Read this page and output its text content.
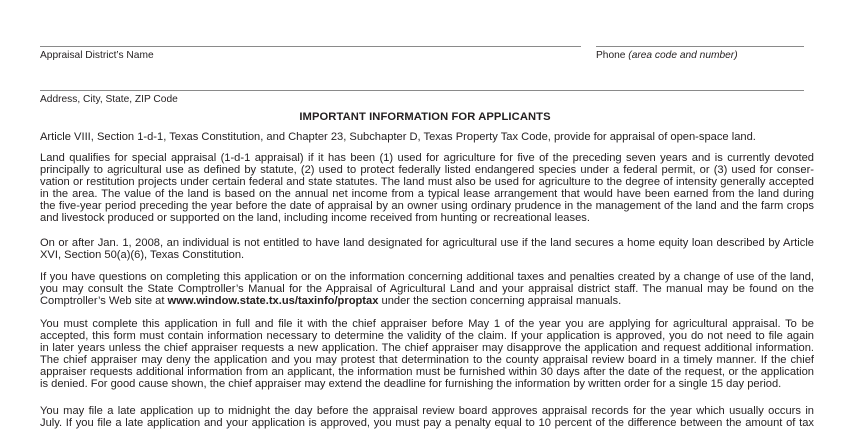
Appraisal District’s Name	Phone (area code and number)
Address, City, State, ZIP Code
IMPORTANT INFORMATION FOR APPLICANTS
Article VIII, Section 1-d-1, Texas Constitution, and Chapter 23, Subchapter D, Texas Property Tax Code, provide for appraisal of open-space land.
Land qualifies for special appraisal (1-d-1 appraisal) if it has been (1) used for agriculture for five of the preceding seven years and is currently devoted
principally to agricultural use as defined by statute, (2) used to protect federally listed endangered species under a federal permit, or (3) used for conser-
vation or restitution projects under certain federal and state statutes. The land must also be used for agriculture to the degree of intensity generally accepted
in the area. The value of the land is based on the annual net income from a typical lease arrangement that would have been earned from the land during
the five-year period preceding the year before the date of appraisal by an owner using ordinary prudence in the management of the land and the farm crops
and livestock produced or supported on the land, including income received from hunting or recreational leases.
On or after Jan. 1, 2008, an individual is not entitled to have land designated for agricultural use if the land secures a home equity loan described by Article
XVI, Section 50(a)(6), Texas Constitution.
If you have questions on completing this application or on the information concerning additional taxes and penalties created by a change of use of the land,
you may consult the State Comptroller’s Manual for the Appraisal of Agricultural Land and your appraisal district staff. The manual may be found on the
Comptroller’s Web site at www.window.state.tx.us/taxinfo/proptax under the section concerning appraisal manuals.
You must complete this application in full and file it with the chief appraiser before May 1 of the year you are applying for agricultural appraisal. To be
accepted, this form must contain information necessary to determine the validity of the claim. If your application is approved, you do not need to file again
in later years unless the chief appraiser requests a new application. The chief appraiser may disapprove the application and request additional information.
The chief appraiser may deny the application and you may protest that determination to the county appraisal review board in a timely manner. If the chief
appraiser requests additional information from an applicant, the information must be furnished within 30 days after the date of the request, or the application
is denied. For good cause shown, the chief appraiser may extend the deadline for furnishing the information by written order for a single 15 day period.
You may file a late application up to midnight the day before the appraisal review board approves appraisal records for the year which usually occurs in
July. If you file a late application and your application is approved, you must pay a penalty equal to 10 percent of the difference between the amount of tax
